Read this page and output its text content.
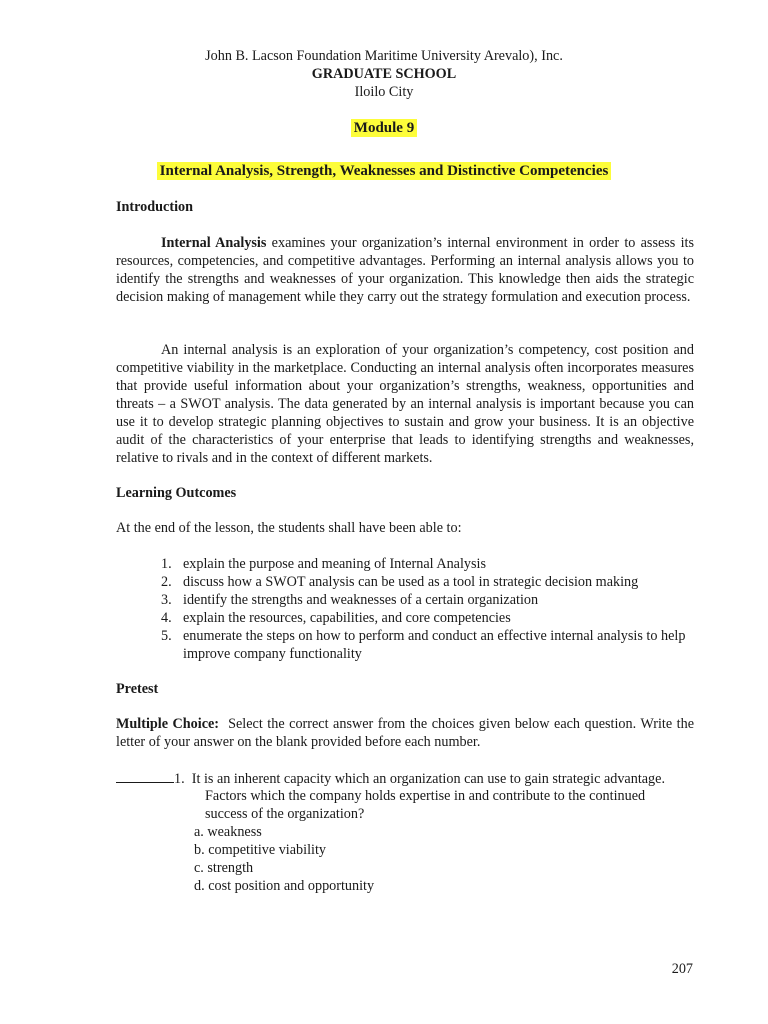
John B. Lacson Foundation Maritime University Arevalo), Inc.
GRADUATE SCHOOL
Iloilo City
Module 9
Internal Analysis, Strength, Weaknesses and Distinctive Competencies
Introduction
Internal Analysis examines your organization’s internal environment in order to assess its resources, competencies, and competitive advantages. Performing an internal analysis allows you to identify the strengths and weaknesses of your organization. This knowledge then aids the strategic decision making of management while they carry out the strategy formulation and execution process.
An internal analysis is an exploration of your organization’s competency, cost position and competitive viability in the marketplace. Conducting an internal analysis often incorporates measures that provide useful information about your organization’s strengths, weakness, opportunities and threats – a SWOT analysis. The data generated by an internal analysis is important because you can use it to develop strategic planning objectives to sustain and grow your business. It is an objective audit of the characteristics of your enterprise that leads to identifying strengths and weaknesses, relative to rivals and in the context of different markets.
Learning Outcomes
At the end of the lesson, the students shall have been able to:
1. explain the purpose and meaning of Internal Analysis
2. discuss how a SWOT analysis can be used as a tool in strategic decision making
3. identify the strengths and weaknesses of a certain organization
4. explain the resources, capabilities, and core competencies
5. enumerate the steps on how to perform and conduct an effective internal analysis to help improve company functionality
Pretest
Multiple Choice: Select the correct answer from the choices given below each question. Write the letter of your answer on the blank provided before each number.
1. It is an inherent capacity which an organization can use to gain strategic advantage.
Factors which the company holds expertise in and contribute to the continued
success of the organization?
a. weakness
b. competitive viability
c. strength
d. cost position and opportunity
207
